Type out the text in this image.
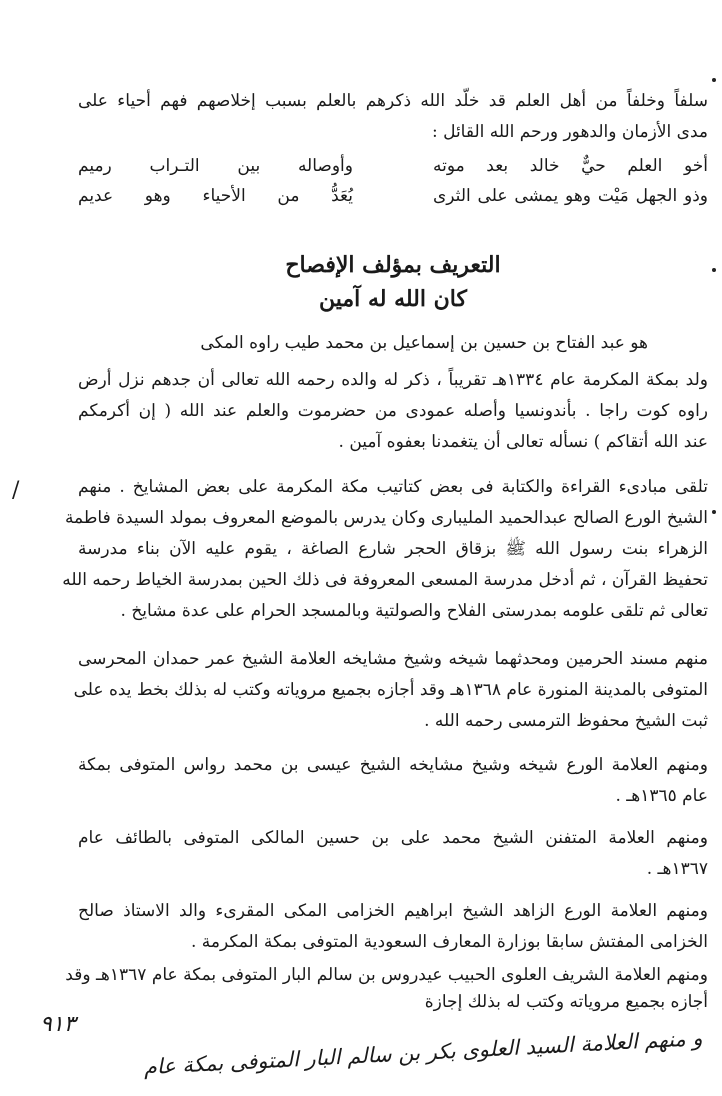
سلفاً وخلفاً من أهل العلم قد خلّد الله ذكرهم بالعلم بسبب إخلاصهم فهم أحياء على
مدى الأزمان والدهور ورحم الله القائل :

أخو العلم حيٌّ خالد بعد موته
وأوصاله بين التـراب رميم
وذو الجهل مَيْت وهو يمشى على الثرى
يُعَدُّ من الأحياء وهو عديم
التعريف بمؤلف الإفصاح
كان الله له آمين

هو عبد الفتاح بن حسين بن إسماعيل بن محمد طيب راوه المكى

ولد بمكة المكرمة عام ١٣٣٤هـ تقريباً ، ذكر له والده رحمه الله تعالى أن جدهم نزل أرض
راوه كوت راجا . بأندونسيا وأصله عمودى من حضرموت والعلم عند الله ( إن أكرمكم
عند الله أتقاكم ) نسأله تعالى أن يتغمدنا بعفوه آمين .

تلقى مبادىء القراءة والكتابة فى بعض كتاتيب مكة المكرمة على بعض المشايخ . منهم
الشيخ الورع الصالح عبدالحميد المليبارى وكان يدرس بالموضع المعروف بمولد السيدة فاطمة
الزهراء بنت رسول الله ﷺ بزقاق الحجر شارع الصاغة ، يقوم عليه الآن بناء مدرسة
تحفيظ القرآن ، ثم أدخل مدرسة المسعى المعروفة فى ذلك الحين بمدرسة الخياط رحمه الله
تعالى ثم تلقى علومه بمدرستى الفلاح والصولتية وبالمسجد الحرام على عدة مشايخ .

منهم مسند الحرمين ومحدثهما شيخه وشيخ مشايخه العلامة الشيخ عمر حمدان المحرسى
المتوفى بالمدينة المنورة عام ١٣٦٨هـ وقد أجازه بجميع مروياته وكتب له بذلك بخط يده على
ثبت الشيخ محفوظ الترمسى رحمه الله .

ومنهم العلامة الورع شيخه وشيخ مشايخه الشيخ عيسى بن محمد رواس المتوفى بمكة
عام ١٣٦٥هـ .

ومنهم العلامة المتفنن الشيخ محمد على بن حسين المالكى المتوفى بالطائف عام
١٣٦٧هـ .

ومنهم العلامة الورع الزاهد الشيخ ابراهيم الخزامى المكى المقرىء والد الاستاذ صالح
الخزامى المفتش سابقا بوزارة المعارف السعودية المتوفى بمكة المكرمة .

ومنهم العلامة الشريف العلوى الحبيب عيدروس بن سالم البار المتوفى بمكة عام ١٣٦٧هـ وقد
أجازه بجميع مروياته وكتب له بذلك إجازة

و منهم العلامة السيد العلوى بكر بن سالم البار المتوفى بمكة عام
٩١٣
/
